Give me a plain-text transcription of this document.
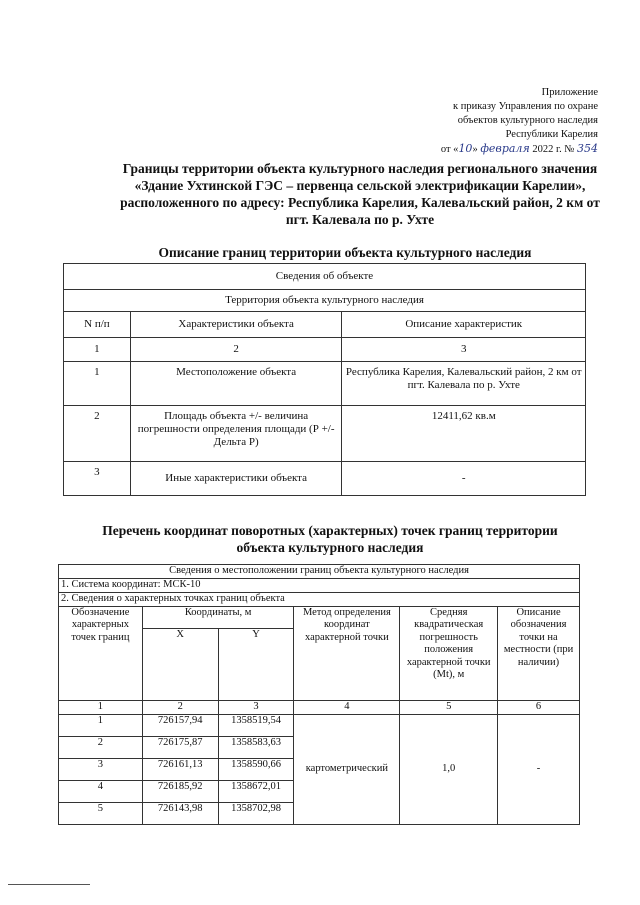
Приложение
к приказу Управления по охране
объектов культурного наследия
Республики Карелия
от «10» февраля 2022 г. № 354
Границы территории объекта культурного наследия регионального значения «Здание Ухтинской ГЭС – первенца сельской электрификации Карелии», расположенного по адресу: Республика Карелия, Калевальский район, 2 км от пгт. Калевала по р. Ухте
Описание границ территории объекта культурного наследия
Сведения об объекте		
Территория объекта культурного наследия		
N п/п	Характеристики объекта	Описание характеристик
1	2	3
1	Местоположение объекта	Республика Карелия, Калевальский район, 2 км от пгт. Калевала по р. Ухте
2	Площадь объекта +/- величина погрешности определения площади (Р +/- Дельта Р)	12411,62 кв.м
3	Иные характеристики объекта	-
Перечень координат поворотных (характерных) точек границ территории объекта культурного наследия
Сведения о местоположении границ объекта культурного наследия					
1. Система координат: МСК-10					
2. Сведения о характерных точках границ объекта					
Обозначение характерных точек границ	Координаты, м		Метод определения координат характерной точки	Средняя квадратическая погрешность положения характерной точки (Mt), м	Описание обозначения точки на местности (при наличии)
	X	Y			
1	2	3	4	5	6
1	726157,94	1358519,54	картометрический	1,0	-
2	726175,87	1358583,63			
3	726161,13	1358590,66			
4	726185,92	1358672,01			
5	726143,98	1358702,98			
